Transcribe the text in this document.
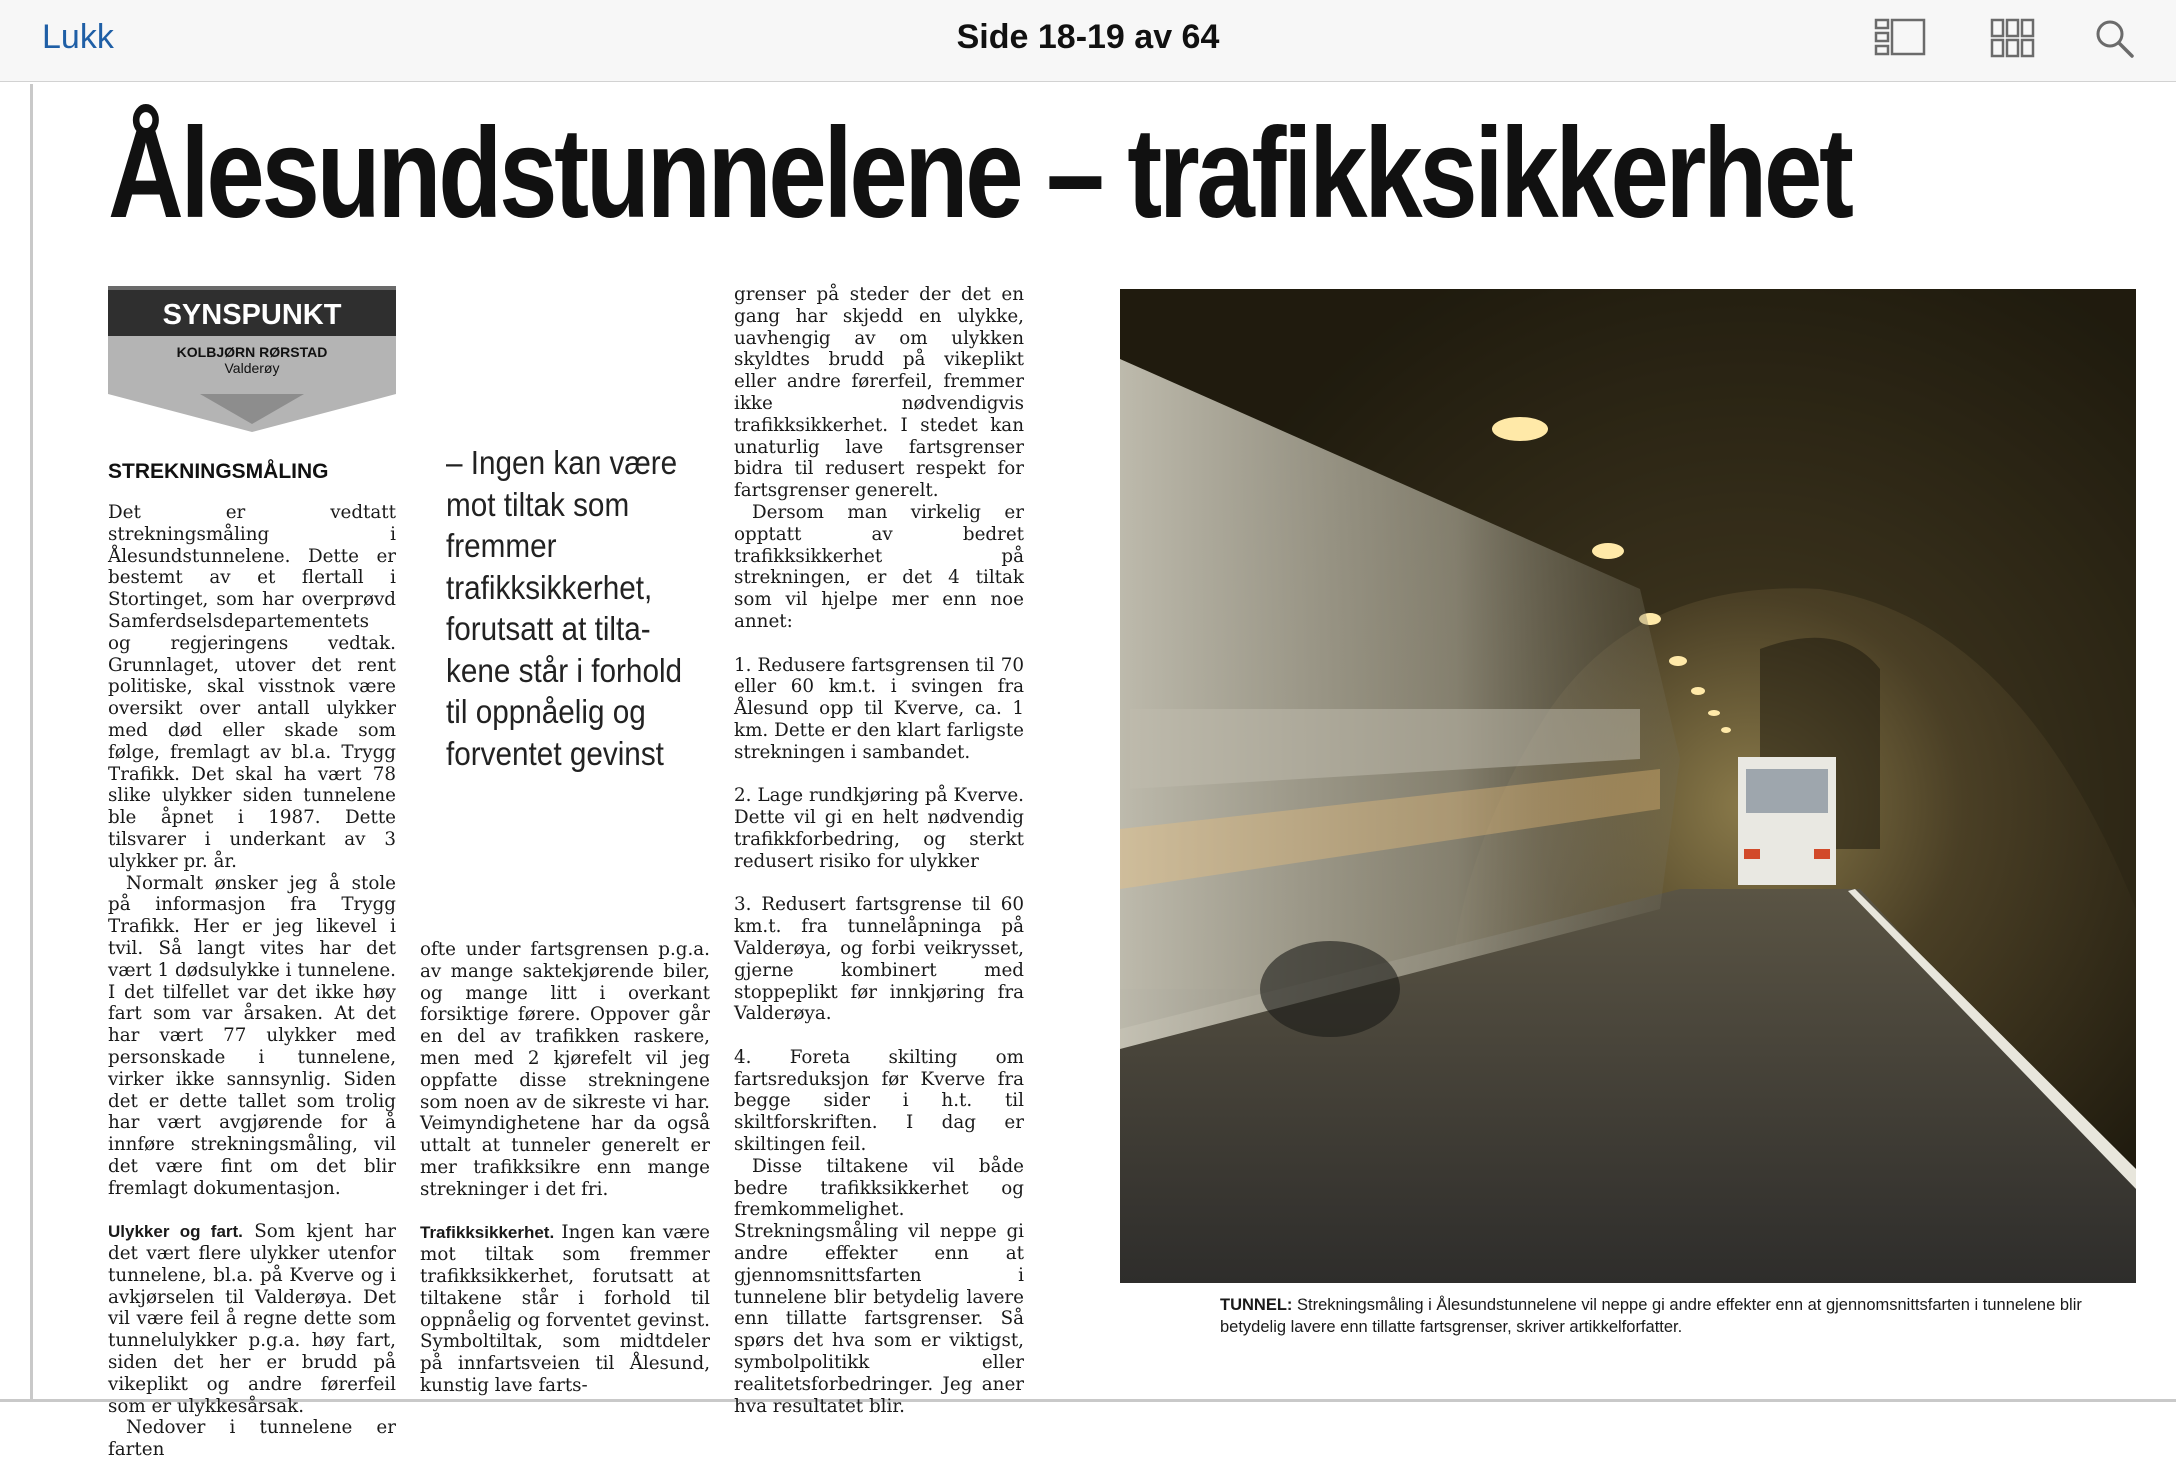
Lukk	Side 18-19 av 64
Ålesundstunnelene – trafikksikkerhet
SYNSPUNKT
KOLBJØRN RØRSTAD
Valderøy
STREKNINGSMÅLING

Det er vedtatt strekningsmåling i Ålesundstunnelene. Dette er bestemt av et flertall i Stortinget, som har overprøvd Samferdselsdepartementets og regjeringens vedtak. Grunnlaget, utover det rent politiske, skal visstnok være oversikt over antall ulykker med død eller skade som følge, fremlagt av bl.a. Trygg Trafikk. Det skal ha vært 78 slike ulykker siden tunnelene ble åpnet i 1987. Dette tilsvarer i underkant av 3 ulykker pr. år.

Normalt ønsker jeg å stole på informasjon fra Trygg Trafikk. Her er jeg likevel i tvil. Så langt vites har det vært 1 dødsulykke i tunnelene. I det tilfellet var det ikke høy fart som var årsaken. At det har vært 77 ulykker med personskade i tunnelene, virker ikke sannsynlig. Siden det er dette tallet som trolig har vært avgjørende for å innføre strekningsmåling, vil det være fint om det blir fremlagt dokumentasjon.

Ulykker og fart. Som kjent har det vært flere ulykker utenfor tunnelene, bl.a. på Kverve og i avkjørselen til Valderøya. Det vil være feil å regne dette som tunnelulykker p.g.a. høy fart, siden det her er brudd på vikeplikt og andre førerfeil som er ulykkesårsak.

Nedover i tunnelene er farten

– Ingen kan være mot tiltak som fremmer trafikksikkerhet, forutsatt at tilta-kene står i forhold til oppnåelig og forventet gevinst

ofte under fartsgrensen p.g.a. av mange saktekjørende biler, og mange litt i overkant forsiktige førere. Oppover går en del av trafikken raskere, men med 2 kjørefelt vil jeg oppfatte disse strekningene som noen av de sikreste vi har. Veimyndighetene har da også uttalt at tunneler generelt er mer trafikksikre enn mange strekninger i det fri.

Trafikksikkerhet. Ingen kan være mot tiltak som fremmer trafikksikkerhet, forutsatt at tiltakene står i forhold til oppnåelig og forventet gevinst. Symboltiltak, som midtdeler på innfartsveien til Ålesund, kunstig lave farts-

grenser på steder der det en gang har skjedd en ulykke, uavhengig av om ulykken skyldtes brudd på vikeplikt eller andre førerfeil, fremmer ikke nødvendigvis trafikksikkerhet. I stedet kan unaturlig lave fartsgrenser bidra til redusert respekt for fartsgrenser generelt.

Dersom man virkelig er opptatt av bedret trafikksikkerhet på strekningen, er det 4 tiltak som vil hjelpe mer enn noe annet:

1. Redusere fartsgrensen til 70 eller 60 km.t. i svingen fra Ålesund opp til Kverve, ca. 1 km. Dette er den klart farligste strekningen i sambandet.

2. Lage rundkjøring på Kverve. Dette vil gi en helt nødvendig trafikkforbedring, og sterkt redusert risiko for ulykker

3. Redusert fartsgrense til 60 km.t. fra tunnelåpninga på Valderøya, og forbi veikrysset, gjerne kombinert med stoppeplikt før innkjøring fra Valderøya.

4. Foreta skilting om fartsreduksjon før Kverve fra begge sider i h.t. til skiltforskriften. I dag er skiltingen feil.

Disse tiltakene vil både bedre trafikksikkerhet og fremkommelighet. Strekningsmåling vil neppe gi andre effekter enn at gjennomsnittsfarten i tunnelene blir betydelig lavere enn tillatte fartsgrenser. Så spørs det hva som er viktigst, symbolpolitikk eller realitetsforbedringer. Jeg aner hva resultatet blir.

TUNNEL: Strekningsmåling i Ålesundstunnelene vil neppe gi andre effekter enn at gjennomsnittsfarten i tunnelene blir betydelig lavere enn tillatte fartsgrenser, skriver artikkelforfatter.
